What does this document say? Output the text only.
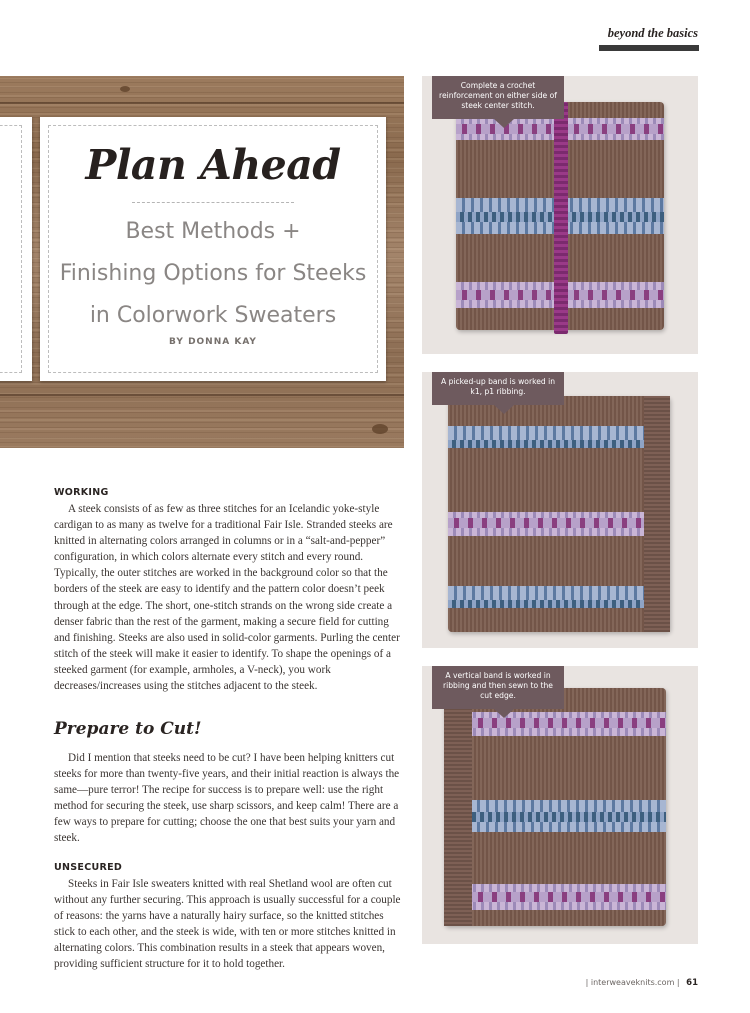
beyond the basics
Plan Ahead
Best Methods +
Finishing Options for Steeks
in Colorwork Sweaters
BY DONNA KAY
WORKING

A steek consists of as few as three stitches for an Icelandic yoke-style cardigan to as many as twelve for a traditional Fair Isle. Stranded steeks are knitted in alternating colors arranged in columns or in a “salt-and-pepper” configuration, in which colors alternate every stitch and every round. Typically, the outer stitches are worked in the background color so that the borders of the steek are easy to identify and the pattern color doesn’t peek through at the edge. The short, one-stitch strands on the wrong side create a denser fabric than the rest of the garment, making a secure field for cutting and finishing. Steeks are also used in solid-color garments. Purling the center stitch of the steek will make it easier to identify. To shape the openings of a steeked garment (for example, armholes, a V-neck), you work decreases/increases using the stitches adjacent to the steek.

Prepare to Cut!

Did I mention that steeks need to be cut? I have been helping knitters cut steeks for more than twenty-five years, and their initial reaction is always the same—pure terror! The recipe for success is to prepare well: use the right method for securing the steek, use sharp scissors, and keep calm! There are a few ways to prepare for cutting; choose the one that best suits your yarn and steek.

UNSECURED

Steeks in Fair Isle sweaters knitted with real Shetland wool are often cut without any further securing. This approach is usually successful for a couple of reasons: the yarns have a naturally hairy surface, so the knitted stitches stick to each other, and the steek is wide, with ten or more stitches knitted in alternating colors. This combination results in a steek that appears woven, providing sufficient structure for it to hold together.

Complete a crochet reinforcement on either side of steek center stitch.
A picked-up band is worked in k1, p1 ribbing.
A vertical band is worked in ribbing and then sewn to the cut edge.
| interweaveknits.com | 61
